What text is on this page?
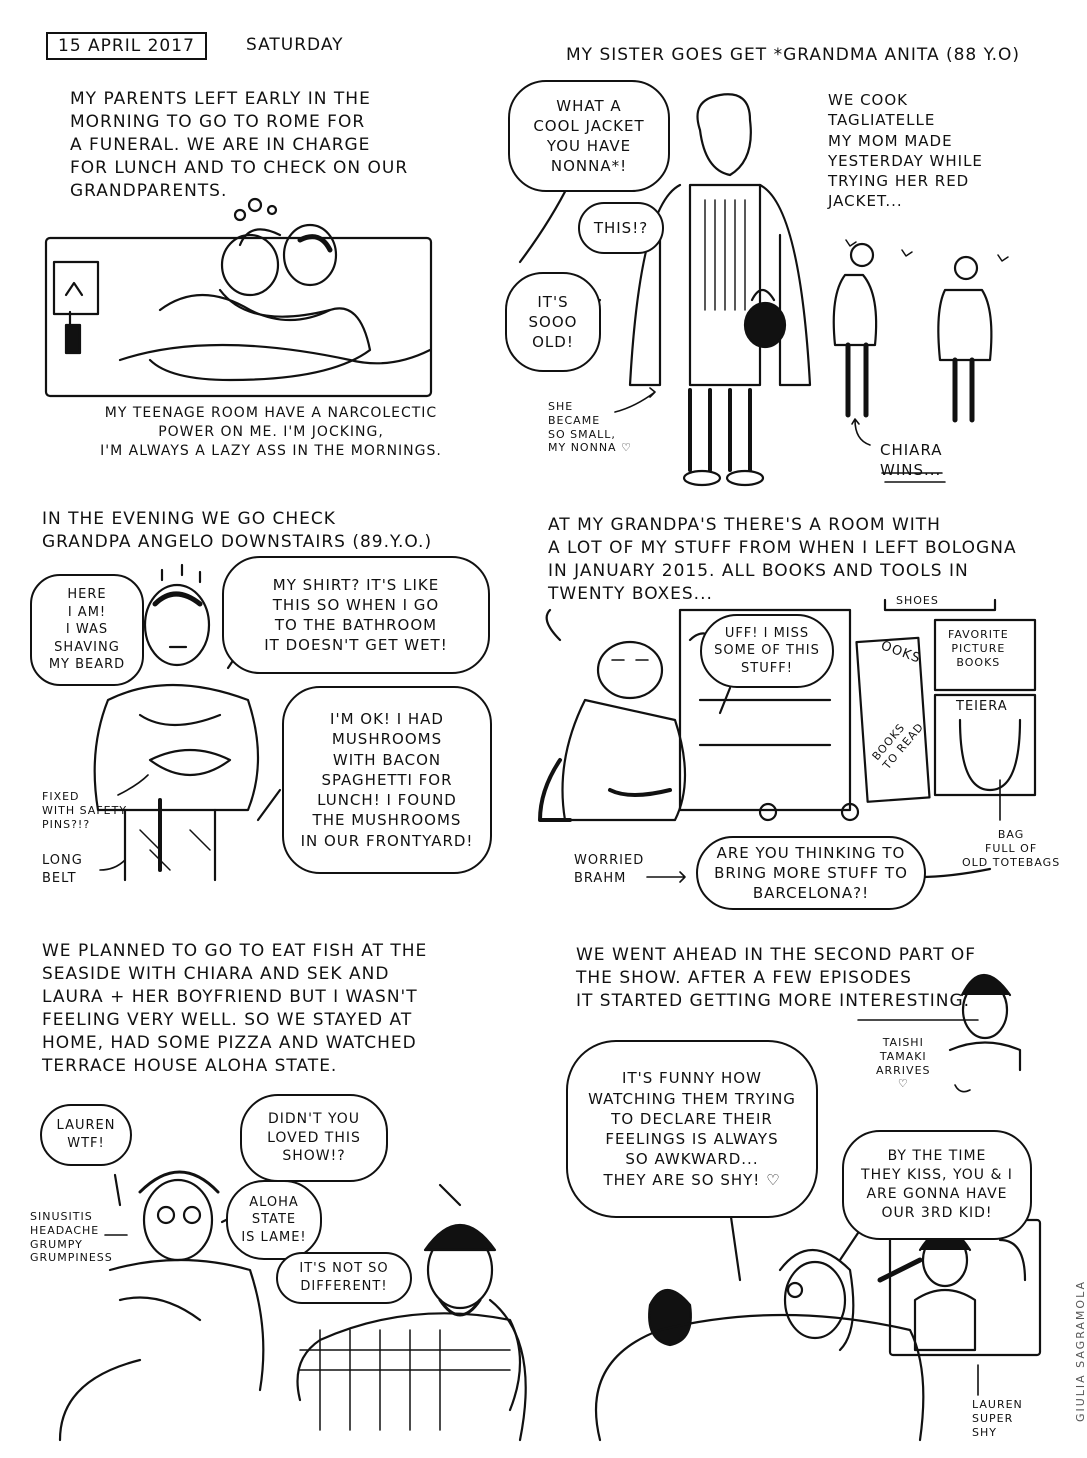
15 APRIL 2017	SATURDAY

MY PARENTS LEFT EARLY IN THE
MORNING TO GO TO ROME FOR
A FUNERAL. WE ARE IN CHARGE
FOR LUNCH AND TO CHECK ON OUR
GRANDPARENTS.

MY TEENAGE ROOM HAVE A NARCOLECTIC
POWER ON ME. I'M JOCKING,
I'M ALWAYS A LAZY ASS IN THE MORNINGS.

MY SISTER GOES GET *GRANDMA ANITA (88 Y.O)

WHAT A
COOL JACKET
YOU HAVE
NONNA*!
THIS!?
IT'S
SOOO
OLD!

WE COOK
TAGLIATELLE
MY MOM MADE
YESTERDAY WHILE
TRYING HER RED
JACKET...

SHE
BECAME
SO SMALL,
MY NONNA ♡	CHIARA
WINS...

IN THE EVENING WE GO CHECK
GRANDPA ANGELO DOWNSTAIRS (89.Y.O.)

HERE
I AM!
I WAS
SHAVING
MY BEARD
MY SHIRT? IT'S LIKE
THIS SO WHEN I GO
TO THE BATHROOM
IT DOESN'T GET WET!
I'M OK! I HAD
MUSHROOMS
WITH BACON
SPAGHETTI FOR
LUNCH! I FOUND
THE MUSHROOMS
IN OUR FRONTYARD!

FIXED
WITH SAFETY
PINS?!?

LONG
BELT

AT MY GRANDPA'S THERE'S A ROOM WITH
A LOT OF MY STUFF FROM WHEN I LEFT BOLOGNA
IN JANUARY 2015. ALL BOOKS AND TOOLS IN
TWENTY BOXES...

UFF! I MISS
SOME OF THIS
STUFF!
ARE YOU THINKING TO
BRING MORE STUFF TO
BARCELONA?!

SHOES

FAVORITE
PICTURE
BOOKS

TEIERA

BOOKS
TO READ

OOKS

BAG
FULL OF
OLD TOTEBAGS

WORRIED
BRAHM

WE PLANNED TO GO TO EAT FISH AT THE
SEASIDE WITH CHIARA AND SEK AND
LAURA + HER BOYFRIEND BUT I WASN'T
FEELING VERY WELL. SO WE STAYED AT
HOME, HAD SOME PIZZA AND WATCHED
TERRACE HOUSE ALOHA STATE.

LAUREN
WTF!
DIDN'T YOU
LOVED THIS
SHOW!?
ALOHA
STATE
IS LAME!
IT'S NOT SO
DIFFERENT!

SINUSITIS
HEADACHE
GRUMPY
GRUMPINESS

WE WENT AHEAD IN THE SECOND PART OF
THE SHOW. AFTER A FEW EPISODES
IT STARTED GETTING MORE INTERESTING.

IT'S FUNNY HOW
WATCHING THEM TRYING
TO DECLARE THEIR
FEELINGS IS ALWAYS
SO AWKWARD...
THEY ARE SO SHY! ♡
BY THE TIME
THEY KISS, YOU & I
ARE GONNA HAVE
OUR 3RD KID!

TAISHI
TAMAKI
ARRIVES
♡

LAUREN
SUPER
SHY

GIULIA SAGRAMOLA
